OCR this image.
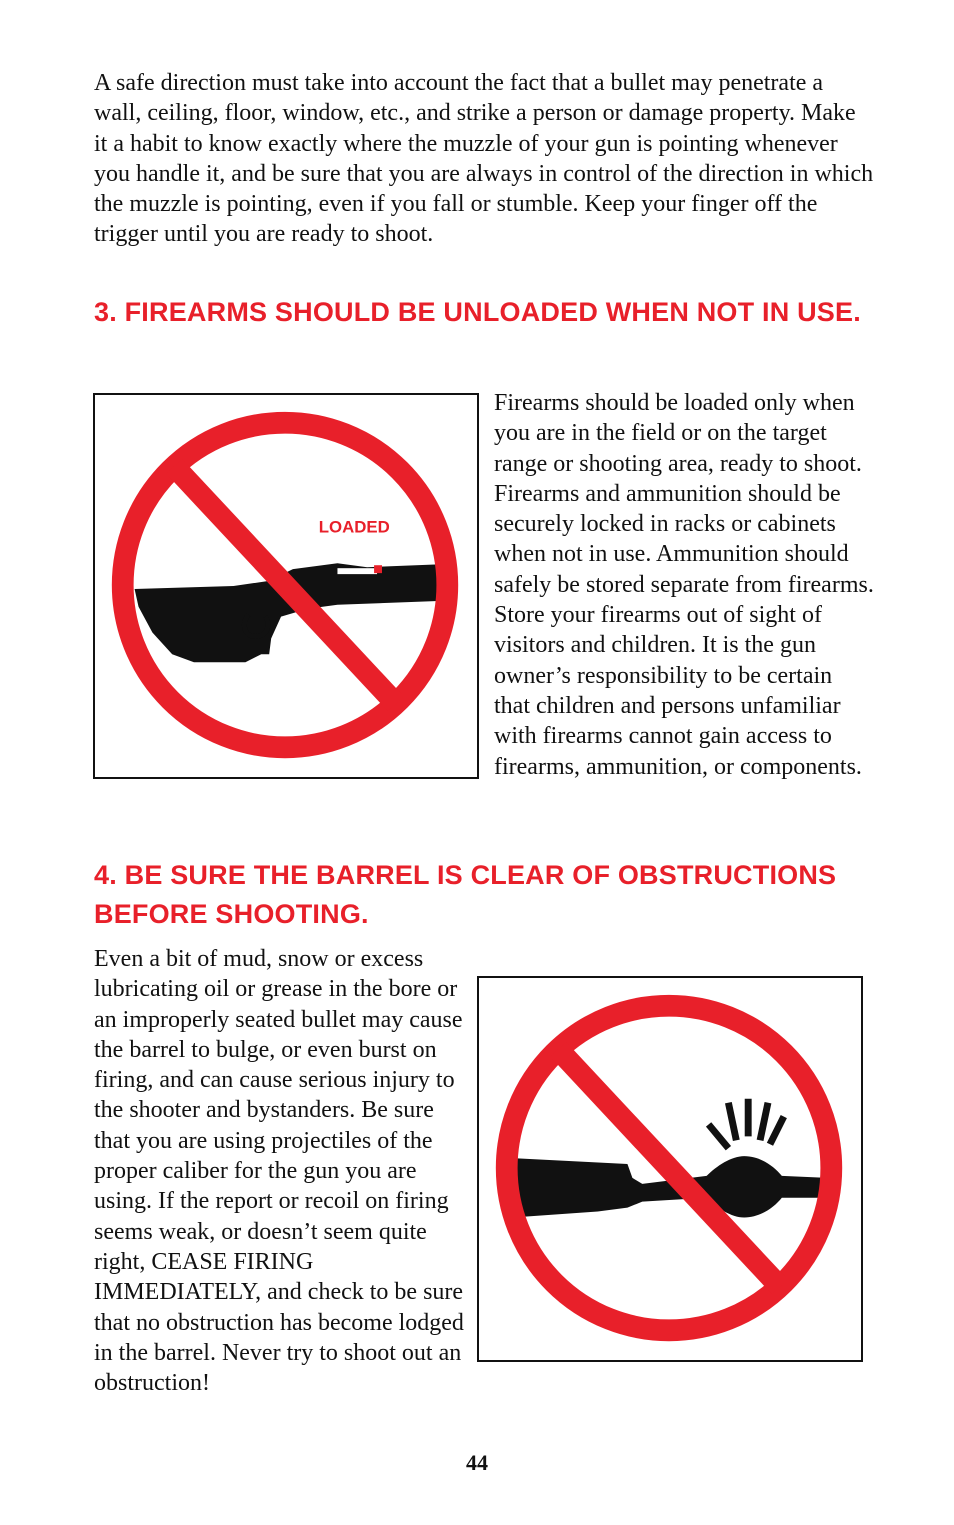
A safe direction must take into account the fact that a bullet may penetrate a wall, ceiling, floor, window, etc., and strike a person or damage property. Make it a habit to know exactly where the muzzle of your gun is pointing whenever you handle it, and be sure that you are always in control of the direction in which the muzzle is pointing, even if you fall or stumble. Keep your finger off the trigger until you are ready to shoot.

3. FIREARMS SHOULD BE UNLOADED WHEN NOT IN USE.
LOADED

Firearms should be loaded only when you are in the field or on the target range or shooting area, ready to shoot. Firearms and ammunition should be securely locked in racks or cabinets when not in use. Ammunition should safely be stored separate from firearms. Store your firearms out of sight of visitors and children. It is the gun owner’s responsibility to be certain that children and persons unfamiliar with firearms cannot gain access to firearms, ammunition, or components.

4. BE SURE THE BARREL IS CLEAR OF OBSTRUCTIONS BEFORE SHOOTING.

Even a bit of mud, snow or excess lubricating oil or grease in the bore or an improperly seated bullet may cause the barrel to bulge, or even burst on firing, and can cause serious injury to the shooter and bystanders. Be sure that you are using projectiles of the proper caliber for the gun you are using. If the report or recoil on firing seems weak, or doesn’t seem quite right, CEASE FIRING IMMEDIATELY, and check to be sure that no obstruction has become lodged in the barrel. Never try to shoot out an obstruction!

44
